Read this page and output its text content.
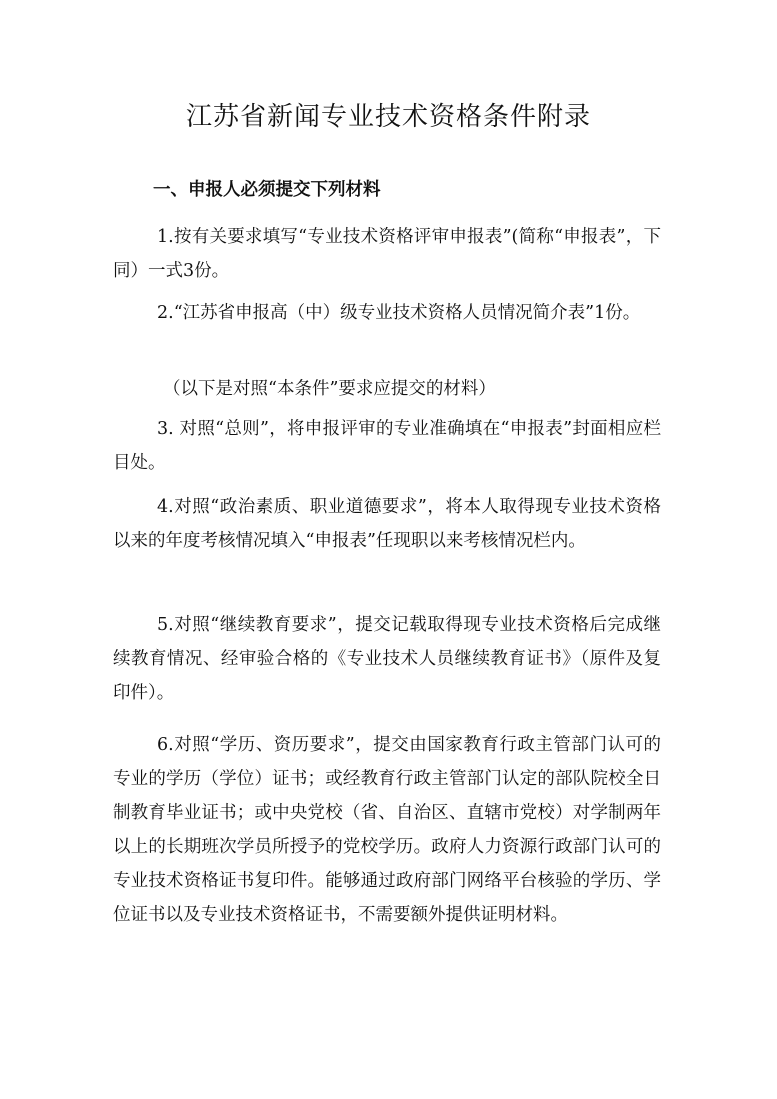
江苏省新闻专业技术资格条件附录
一、申报人必须提交下列材料

1.按有关要求填写“专业技术资格评审申报表”(简称“申报表”，下同）一式3份。

2.“江苏省申报高（中）级专业技术资格人员情况简介表”1份。

（以下是对照“本条件”要求应提交的材料）

3. 对照“总则”，将申报评审的专业准确填在“申报表”封面相应栏目处。

4.对照“政治素质、职业道德要求”，将本人取得现专业技术资格以来的年度考核情况填入“申报表”任现职以来考核情况栏内。

5.对照“继续教育要求”，提交记载取得现专业技术资格后完成继续教育情况、经审验合格的《专业技术人员继续教育证书》（原件及复印件）。

6.对照“学历、资历要求”，提交由国家教育行政主管部门认可的专业的学历（学位）证书；或经教育行政主管部门认定的部队院校全日制教育毕业证书；或中央党校（省、自治区、直辖市党校）对学制两年以上的长期班次学员所授予的党校学历。政府人力资源行政部门认可的专业技术资格证书复印件。能够通过政府部门网络平台核验的学历、学位证书以及专业技术资格证书，不需要额外提供证明材料。
